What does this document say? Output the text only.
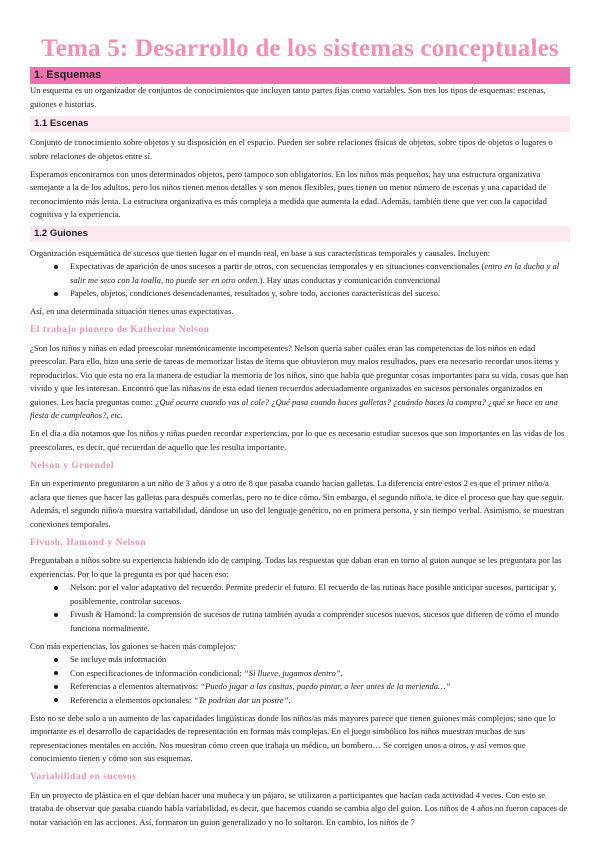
Tema 5: Desarrollo de los sistemas conceptuales
1. Esquemas

Un esquema es un organizador de conjuntos de conocimientos que incluyen tanto partes fijas como variables. Son tres los tipos de esquemas: escenas, guiones e historias.

1.1 Escenas

Conjunto de conocimiento sobre objetos y su disposición en el espacio. Pueden ser sobre relaciones físicas de objetos, sobre tipos de objetos o lugares o sobre relaciones de objetos entre sí.

Esperamos encontrarnos con unos determinados objetos, pero tampoco son obligatorios. En los niños más pequeños, hay una estructura organizativa semejante a la de los adultos, pero los niños tienen menos detalles y son menos flexibles, pues tienen un menor número de escenas y una capacidad de reconocimiento más lenta. La estructura organizativa es más compleja a medida que aumenta la edad. Además, también tiene que ver con la capacidad cognitiva y la experiencia.

1.2 Guiones

Organización esquemática de sucesos que tienen lugar en el mundo real, en base a sus características temporales y causales. Incluyen:

Expectativas de aparición de unos sucesos a partir de otros, con secuencias temporales y en situaciones convencionales (entro en la ducha y al salir me seco con la toalla, no puede ser en otro orden.). Hay unas conductas y comunicación convencional
Papeles, objetos, condiciones desencadenantes, resultados y, sobre todo, acciones características del suceso.

Así, en una determinada situación tienes unas expectativas.

El trabajo pionero de Katherine Nelson

¿Son los niños y niñas en edad preescolar mnemónicamente incompetentes? Nelson quería saber cuáles eran las competencias de los niños en edad preescolar. Para ello, hizo una serie de tareas de memorizar listas de ítems que obtuvieron muy malos resultados, pues era necesario recordar unos ítems y reproducirlos. Vio que esta no era la manera de estudiar la memoria de los niños, sino que había que preguntar cosas importantes para su vida, cosas que han vivido y que les interesan. Encontró que las niñas/os de esta edad tienen recuerdos adecuadamente organizados en sucesos personales organizados en guiones. Les hacía preguntas como: ¿Qué ocurre cuando vas al cole? ¿Qué pasa cuando haces galletas? ¿cuándo haces la compra? ¿qué se hace en una fiesta de cumpleaños?, etc.

En el día a día notamos que los niños y niñas pueden recordar experiencias, por lo que es necesario estudiar sucesos que son importantes en las vidas de los preescolares, es decir, qué recuerdan de aquello que les resulta importante.

Nelson y Gruendel

En un experimento preguntaron a un niño de 3 años y a otro de 8 que pasaba cuando hacían galletas. La diferencia entre estos 2 es que el primer niño/a aclara que tienes que hacer las galletas para después comerlas, pero no te dice cómo. Sin embargo, el segundo niño/a, te dice el proceso que hay que seguir. Además, el segundo niño/a muestra variabilidad, dándose un uso del lenguaje genérico, no en primera persona, y sin tiempo verbal. Asimismo, se muestran conexiones temporales.

Fivush, Hamond y Nelson

Preguntaban a niños sobre su experiencia habiendo ido de camping. Todas las respuestas que daban eran en torno al guion aunque se les preguntara por las experiencias. Por lo que la pregunta es por qué hacen eso:

Nelson: por el valor adaptativo del recuerdo. Permite predecir el futuro. El recuerdo de las rutinas hace posible anticipar sucesos, participar y, posiblemente, controlar sucesos.
Fivush & Hamond: la comprensión de sucesos de rutina también ayuda a comprender sucesos nuevos, sucesos que difieren de cómo el mundo funciona normalmente.

Con más experiencias, los guiones se hacen más complejos:

Se incluye más información
Con especificaciones de información condicional: “Si llueve, jugamos dentro”.
Referencias a elementos alternativos: “Puedo jugar a las casitas, puedo pintar, o leer antes de la merienda…”
Referencia a elementos opcionales: “Te podrían dar un postre”.

Esto no se debe solo a un aumento de las capacidades lingüísticas donde los niños/as más mayores parece que tienen guiones más complejos; sino que lo importante es el desarrollo de capacidades de representación en formas más complejas. En el juego simbólico los niños muestran muchas de sus representaciones mentales en acción. Nos muestran cómo creen que trabaja un médico, un bombero… Se corrigen unos a otros, y así vemos que conocimiento tienen y cómo son sus esquemas.

Variabilidad en sucesos

En un proyecto de plástica en el que debían hacer una muñeca y un pájaro, se utilizaron a participantes que hacían cada actividad 4 veces. Con esto se trataba de observar que pasaba cuando había variabilidad, es decir, que hacemos cuando se cambia algo del guion. Los niños de 4 años no fueron capaces de notar variación en las acciones. Así, formaron un guion generalizado y no lo soltaron. En cambio, los niños de 7
